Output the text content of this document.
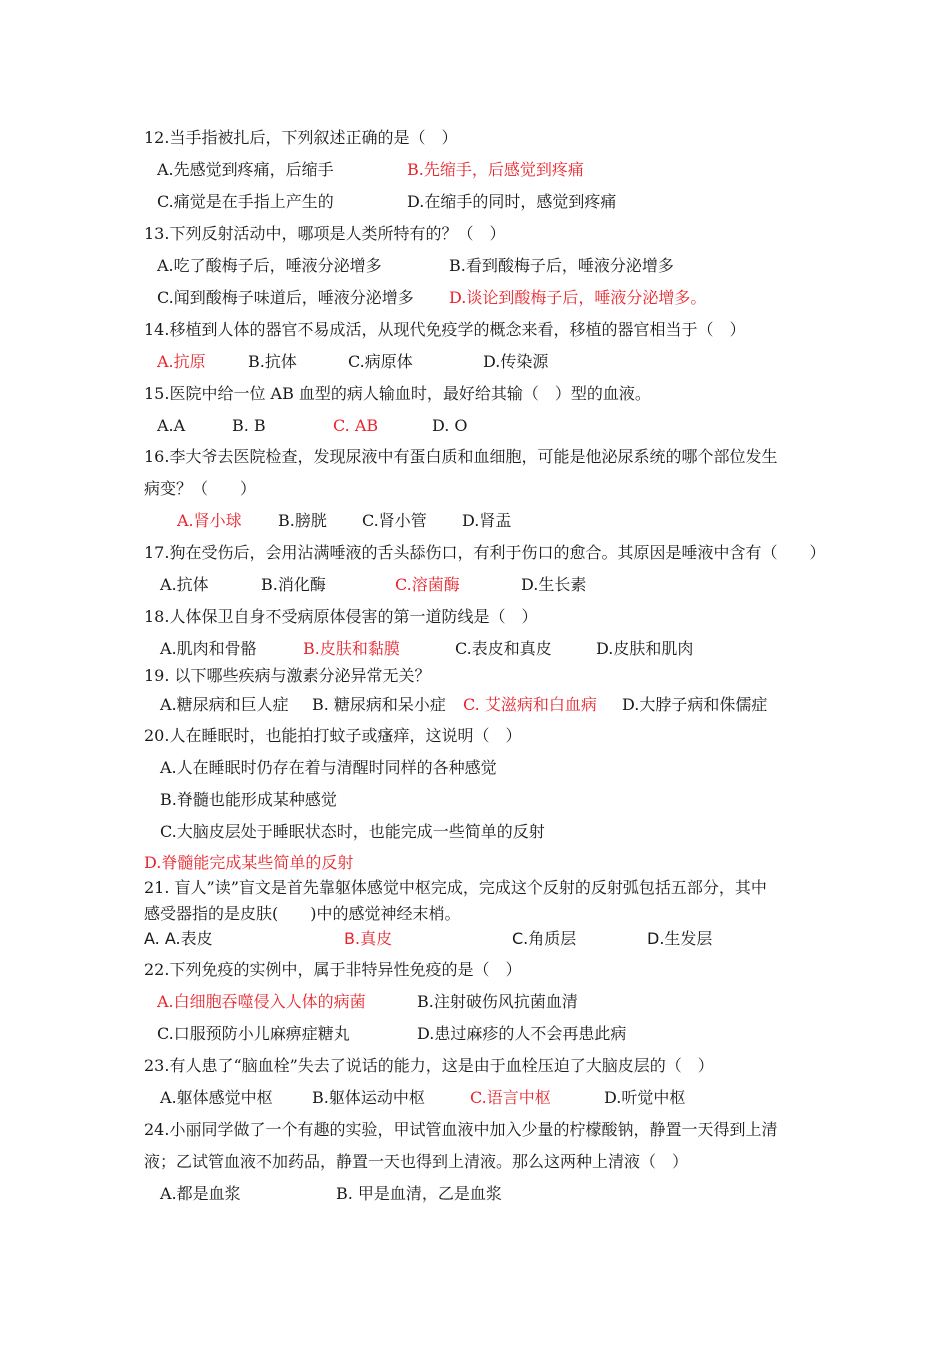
12.当手指被扎后，下列叙述正确的是（　）
A.先感觉到疼痛，后缩手	B.先缩手，后感觉到疼痛
C.痛觉是在手指上产生的	D.在缩手的同时，感觉到疼痛
13.下列反射活动中，哪项是人类所特有的？（　）
A.吃了酸梅子后，唾液分泌增多	B.看到酸梅子后，唾液分泌增多
C.闻到酸梅子味道后，唾液分泌增多 D.谈论到酸梅子后，唾液分泌增多。
14.移植到人体的器官不易成活，从现代免疫学的概念来看，移植的器官相当于（　）
A.抗原	B.抗体	C.病原体	D.传染源
15.医院中给一位 AB 血型的病人输血时，最好给其输（　）型的血液。
A.A	B. B	C. AB	D. O
16.李大爷去医院检查，发现尿液中有蛋白质和血细胞，可能是他泌尿系统的哪个部位发生
病变？（　　）
A.肾小球 B.膀胱 C.肾小管 D.肾盂
17.狗在受伤后，会用沾满唾液的舌头舔伤口，有利于伤口的愈合。其原因是唾液中含有（　　）
A.抗体	B.消化酶	C.溶菌酶	D.生长素
18.人体保卫自身不受病原体侵害的第一道防线是（　）
A.肌肉和骨骼	B.皮肤和黏膜	C.表皮和真皮	D.皮肤和肌肉
19. 以下哪些疾病与激素分泌异常无关？
A.糖尿病和巨人症 B. 糖尿病和呆小症 C. 艾滋病和白血病 D.大脖子病和侏儒症
20.人在睡眠时，也能拍打蚊子或瘙痒，这说明（　）
A.人在睡眠时仍存在着与清醒时同样的各种感觉
B.脊髓也能形成某种感觉
C.大脑皮层处于睡眠状态时，也能完成一些简单的反射
D.脊髓能完成某些简单的反射
21. 盲人”读”盲文是首先靠躯体感觉中枢完成，完成这个反射的反射弧包括五部分，其中
感受器指的是皮肤(　　)中的感觉神经末梢。
A. A.表皮	B.真皮	C.角质层	D.生发层
22.下列免疫的实例中，属于非特异性免疫的是（　）
A.白细胞吞噬侵入人体的病菌	B.注射破伤风抗菌血清
C.口服预防小儿麻痹症糖丸	D.患过麻疹的人不会再患此病
23.有人患了“脑血栓”失去了说话的能力，这是由于血栓压迫了大脑皮层的（　）
A.躯体感觉中枢 B.躯体运动中枢	C.语言中枢	D.听觉中枢
24.小丽同学做了一个有趣的实验，甲试管血液中加入少量的柠檬酸钠，静置一天得到上清
液；乙试管血液不加药品，静置一天也得到上清液。那么这两种上清液（　）
A.都是血浆	B. 甲是血清，乙是血浆
